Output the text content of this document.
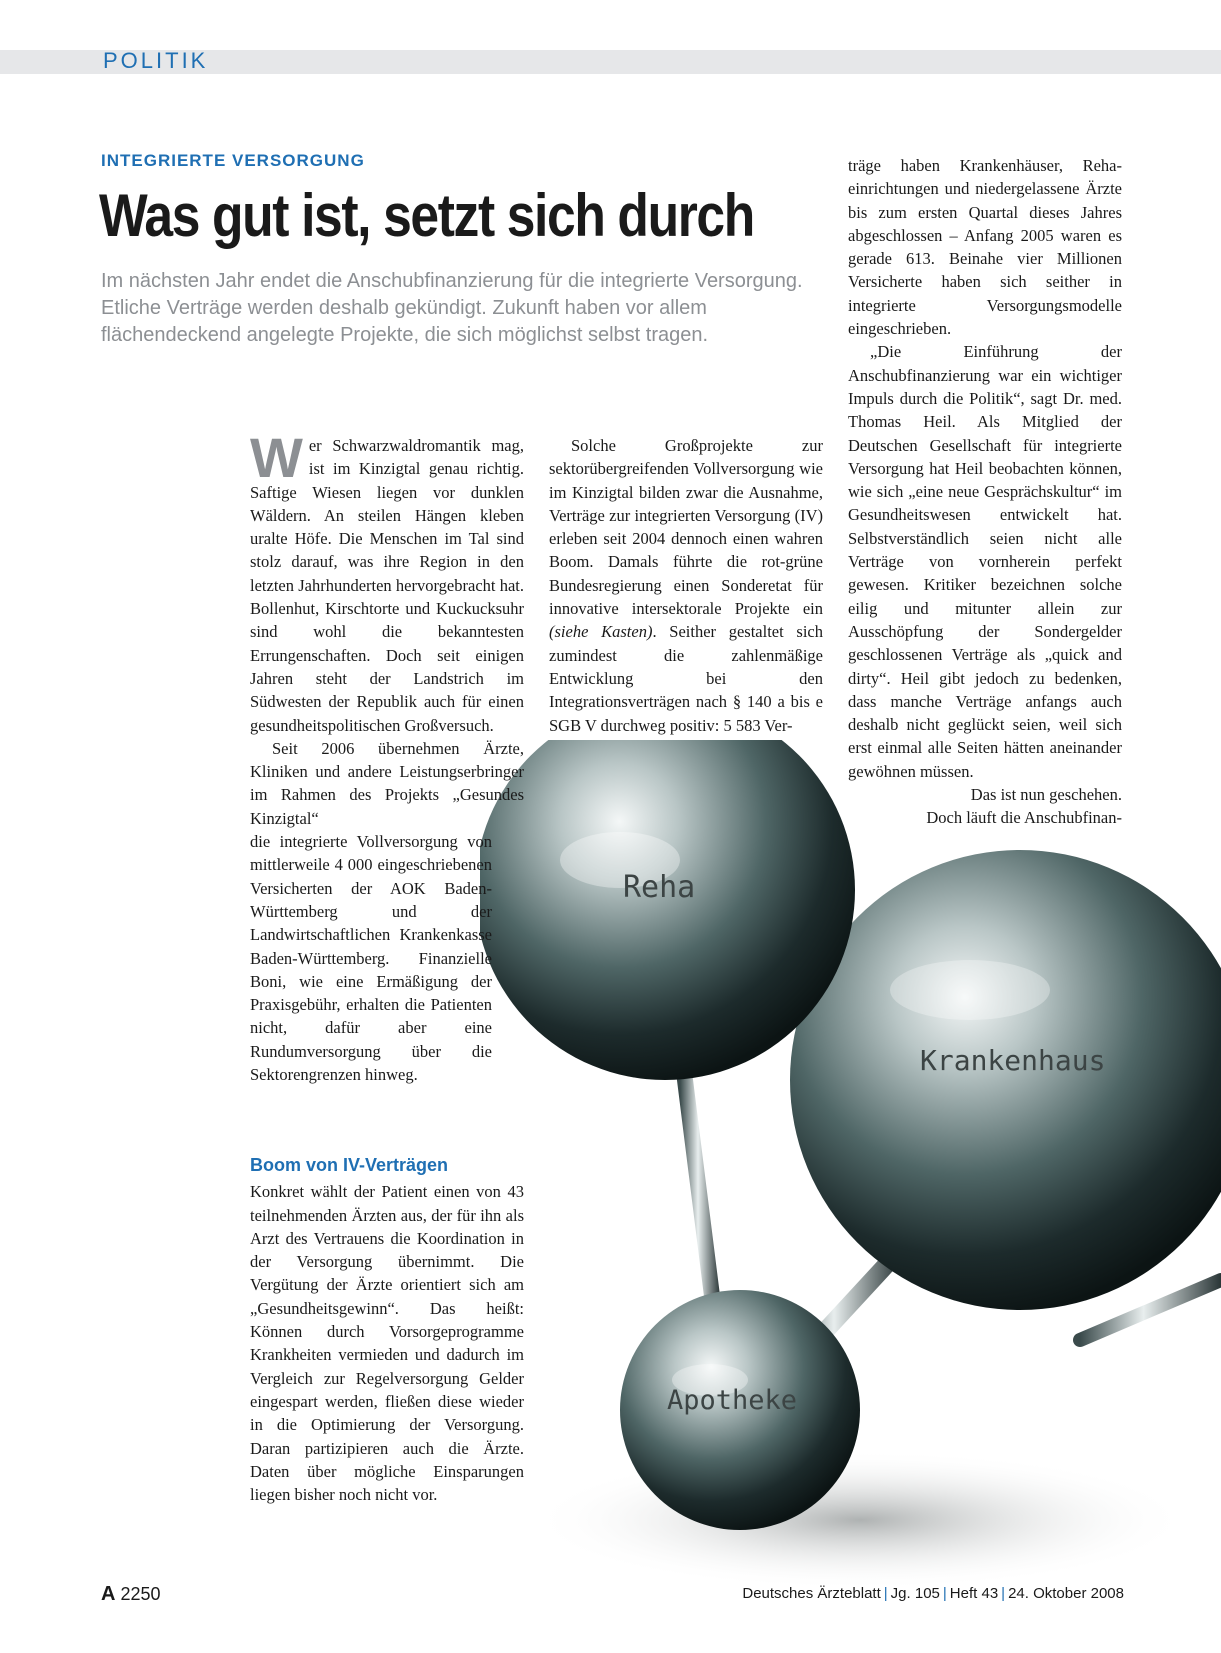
POLITIK
INTEGRIERTE VERSORGUNG
Was gut ist, setzt sich durch

Im nächsten Jahr endet die Anschubfinanzierung für die integrierte Versorgung. Etliche Verträge werden deshalb gekündigt. Zukunft haben vor allem flächendeckend angelegte Projekte, die sich möglichst selbst tragen.

Reha
Krankenhaus
Apotheke

Wer Schwarzwaldromantik mag, ist im Kinzigtal genau richtig. Saftige Wiesen liegen vor dunklen Wäldern. An steilen Hängen kleben uralte Höfe. Die Menschen im Tal sind stolz darauf, was ihre Region in den letzten Jahrhunderten hervorgebracht hat. Bollenhut, Kirschtorte und Kuckucksuhr sind wohl die bekanntesten Errungenschaften. Doch seit einigen Jahren steht der Landstrich im Südwesten der Republik auch für einen gesundheitspolitischen Großversuch.

Seit 2006 übernehmen Ärzte, Kliniken und andere Leistungserbringer im Rahmen des Projekts „Gesundes Kinzigtal“

die integrierte Vollversorgung von mittlerweile 4 000 eingeschriebenen Versicherten der AOK Baden-Württemberg und der Landwirtschaftlichen Krankenkasse Baden-Württemberg. Finanzielle Boni, wie eine Ermäßigung der Praxisgebühr, erhalten die Patienten nicht, dafür aber eine Rundumversorgung über die Sektorengrenzen hinweg.

Boom von IV-Verträgen

Konkret wählt der Patient einen von 43 teilnehmenden Ärzten aus, der für ihn als Arzt des Vertrauens die Koordination in der Versorgung übernimmt. Die Vergütung der Ärzte orientiert sich am „Gesundheitsgewinn“. Das heißt: Können durch Vorsorgeprogramme Krankheiten vermieden und dadurch im Vergleich zur Regelversorgung Gelder eingespart werden, fließen diese wieder in die Optimierung der Versorgung. Daran partizipieren auch die Ärzte. Daten über mögliche Einsparungen liegen bisher noch nicht vor.

Solche Großprojekte zur sektorübergreifenden Vollversorgung wie im Kinzigtal bilden zwar die Ausnahme, Verträge zur integrierten Versorgung (IV) erleben seit 2004 dennoch einen wahren Boom. Damals führte die rot-grüne Bundesregierung einen Sonderetat für innovative intersektorale Projekte ein (siehe Kasten). Seither gestaltet sich zumindest die zahlenmäßige Entwicklung bei den Integrationsverträgen nach § 140 a bis e SGB V durchweg positiv: 5 583 Ver-

träge haben Krankenhäuser, Rehaeinrichtungen und niedergelassene Ärzte bis zum ersten Quartal dieses Jahres abgeschlossen – Anfang 2005 waren es gerade 613. Beinahe vier Millionen Versicherte haben sich seither in integrierte Versorgungsmodelle eingeschrieben.

„Die Einführung der Anschubfinanzierung war ein wichtiger Impuls durch die Politik“, sagt Dr. med. Thomas Heil. Als Mitglied der Deutschen Gesellschaft für integrierte Versorgung hat Heil beobachten können, wie sich „eine neue Gesprächskultur“ im Gesundheitswesen entwickelt hat. Selbstverständlich seien nicht alle Verträge von vornherein perfekt gewesen. Kritiker bezeichnen solche eilig und mitunter allein zur Ausschöpfung der Sondergelder geschlossenen Verträge als „quick and dirty“. Heil gibt jedoch zu bedenken, dass manche Verträge anfangs auch deshalb nicht geglückt seien, weil sich erst einmal alle Seiten hätten aneinander gewöhnen müssen.

Das ist nun geschehen.
Doch läuft die Anschubfinan-

A 2250	Deutsches Ärzteblatt | Jg. 105 | Heft 43 | 24. Oktober 2008
